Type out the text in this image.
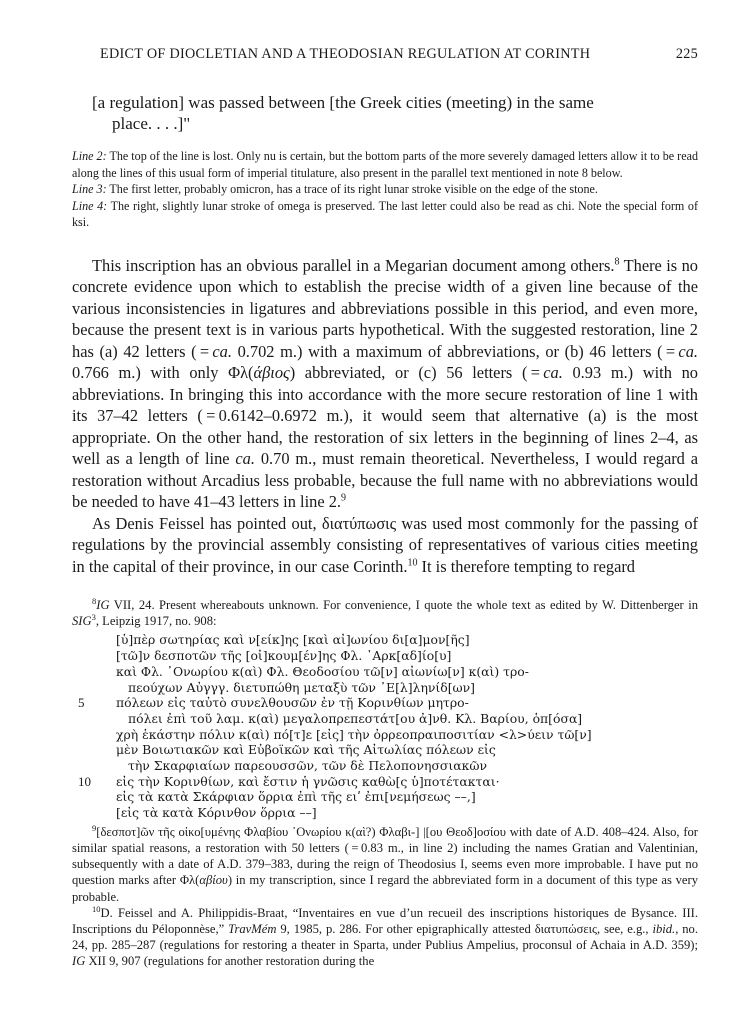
EDICT OF DIOCLETIAN AND A THEODOSIAN REGULATION AT CORINTH	225
[a regulation] was passed between [the Greek cities (meeting) in the same
place. . . .]"

Line 2: The top of the line is lost. Only nu is certain, but the bottom parts of the more severely damaged letters allow it to be read along the lines of this usual form of imperial titulature, also present in the parallel text mentioned in note 8 below.

Line 3: The first letter, probably omicron, has a trace of its right lunar stroke visible on the edge of the stone.

Line 4: The right, slightly lunar stroke of omega is preserved. The last letter could also be read as chi. Note the special form of ksi.

This inscription has an obvious parallel in a Megarian document among others.$^8$ There is no concrete evidence upon which to establish the precise width of a given line because of the various inconsistencies in ligatures and abbreviations possible in this period, and even more, because the present text is in various parts hypothetical. With the suggested restoration, line 2 has (a) 42 letters ( = ca. 0.702 m.) with a maximum of abbreviations, or (b) 46 letters ( = ca. 0.766 m.) with only Φλ(άβιος) abbreviated, or (c) 56 letters ( = ca. 0.93 m.) with no abbreviations. In bringing this into accordance with the more secure restoration of line 1 with its 37–42 letters ( = 0.6142–0.6972 m.), it would seem that alternative (a) is the most appropriate. On the other hand, the restoration of six letters in the beginning of lines 2–4, as well as a length of line ca. 0.70 m., must remain theoretical. Nevertheless, I would regard a restoration without Arcadius less probable, because the full name with no abbreviations would be needed to have 41–43 letters in line 2.$^9$

As Denis Feissel has pointed out, διατύπωσις was used most commonly for the passing of regulations by the provincial assembly consisting of representatives of various cities meeting in the capital of their province, in our case Corinth.$^{10}$ It is therefore tempting to regard

$^8$IG VII, 24. Present whereabouts unknown. For convenience, I quote the whole text as edited by W. Dittenberger in SIG$^3$, Leipzig 1917, no. 908:

[ὑ]πὲρ σωτηρίας καὶ ν[είκ]ης [καὶ αἰ]ωνίου δι[α]μον[ῆς]
[τῶ]ν δεσποτῶν τῆς [οἰ]κουμ[έν]ης Φλ. ᾽Αρκ[αδ]ίο[υ]
καὶ Φλ. ᾿Ονωρίου κ(αὶ) Φλ. Θεοδοσίου τῶ[ν] αἰωνίω[ν] κ(αὶ) τρο-
πεούχων Αὐγγγ. διετυπώθη μεταξὺ τῶν ᾿Ε[λ]ληνίδ[ων]
5	πόλεων εἰς ταὐτὸ συνελθουσῶν ἐν τῇ Κορινθίων μητρο-
πόλει ἐπὶ τοῦ λαμ. κ(αὶ) μεγαλοπρεπεστάτ[ου ἀ]νθ. Κλ. Βαρίου, ὁπ[όσα]
χρὴ ἑκάστην πόλιν κ(αὶ) πό[τ]ε [εἰς] τὴν ὀρρεοπραιποσιτίαν <λ>ύειν τῶ[ν]
μὲν Βοιωτιακῶν καὶ Εὐβοϊκῶν καὶ τῆς Αἰτωλίας πόλεων εἰς
τὴν Σκαρφιαίων παρεουσσῶν, τῶν δὲ Πελοπονησσιακῶν
10 εἰς τὴν Κορινθίων, καὶ ἔστιν ἡ γνῶσις καθὼ[ς ὑ]ποτέτακται·
εἰς τὰ κατὰ Σκάρφιαν ὅρρια ἐπὶ τῆς ειʹ ἐπι[νεμήσεως ––,]
[εἰς τὰ κατὰ Κόρινθον ὅρρια ––]

$^9$[δεσποτ]ῶν τῆς οἰκο[υμένης Φλαβίου ᾿Ονωρίου κ(αὶ?) Φλαβι-] |[ου Θεοδ]οσίου with date of A.D. 408–424. Also, for similar spatial reasons, a restoration with 50 letters ( = 0.83 m., in line 2) including the names Gratian and Valentinian, subsequently with a date of A.D. 379–383, during the reign of Theodosius I, seems even more improbable. I have put no question marks after Φλ(αβίου) in my transcription, since I regard the abbreviated form in a document of this type as very probable.

$^{10}$D. Feissel and A. Philippidis-Braat, “Inventaires en vue d’un recueil des inscriptions historiques de Bysance. III. Inscriptions du Péloponnèse,” TravMém 9, 1985, p. 286. For other epigraphically attested διατυπώσεις, see, e.g., ibid., no. 24, pp. 285–287 (regulations for restoring a theater in Sparta, under Publius Ampelius, proconsul of Achaia in A.D. 359); IG XII 9, 907 (regulations for another restoration during the
